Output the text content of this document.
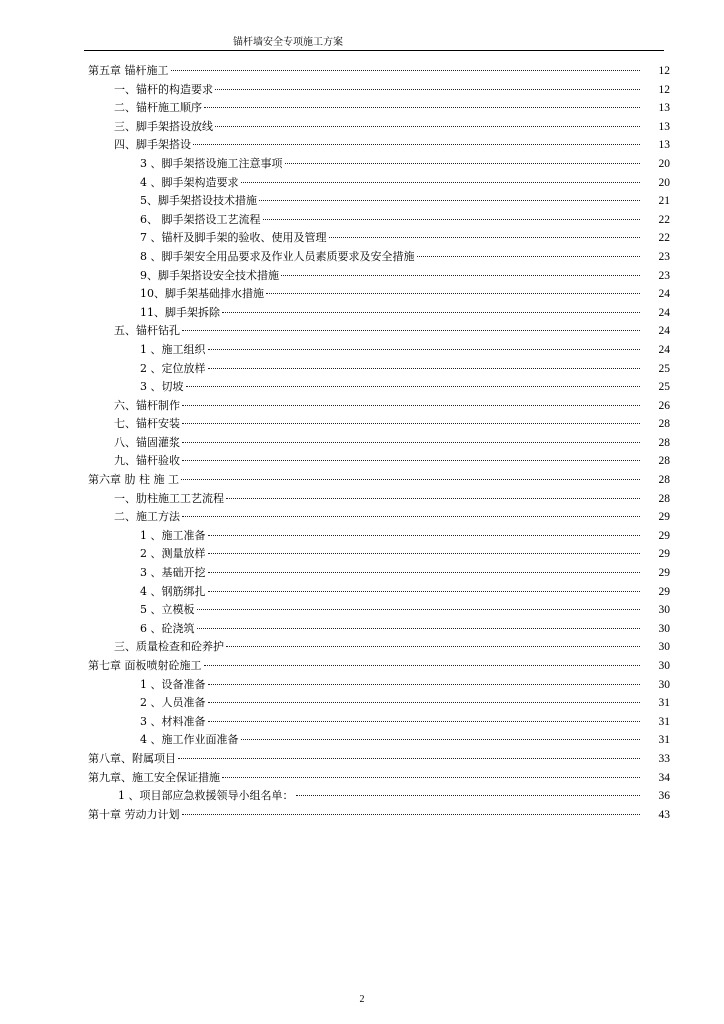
锚杆墙安全专项施工方案
第五章 锚杆施工	12
一、锚杆的构造要求	12
二、锚杆施工顺序	13
三、脚手架搭设放线	13
四、脚手架搭设	13
3 、脚手架搭设施工注意事项	20
4 、脚手架构造要求	20
5、脚手架搭设技术措施	21
6、 脚手架搭设工艺流程	22
7 、锚杆及脚手架的验收、使用及管理	22
8 、脚手架安全用品要求及作业人员素质要求及安全措施	23
9、脚手架搭设安全技术措施	23
10、脚手架基础排水措施	24
11、脚手架拆除	24
五、锚杆钻孔	24
1 、施工组织	24
2 、定位放样	25
3 、切坡	25
六、锚杆制作	26
七、锚杆安装	28
八、锚固灌浆	28
九、锚杆验收	28
第六章 肋 柱 施 工	28
一、肋柱施工工艺流程	28
二、施工方法	29
1 、施工准备	29
2 、测量放样	29
3 、基础开挖	29
4 、钢筋绑扎	29
5 、立模板	30
6 、砼浇筑	30
三、质量检查和砼养护	30
第七章 面板喷射砼施工	30
1 、设备准备	30
2 、人员准备	31
3 、材料准备	31
4 、施工作业面准备	31
第八章、附属项目	33
第九章、施工安全保证措施	34
1 、项目部应急救援领导小组名单：	36
第十章 劳动力计划	43
2
